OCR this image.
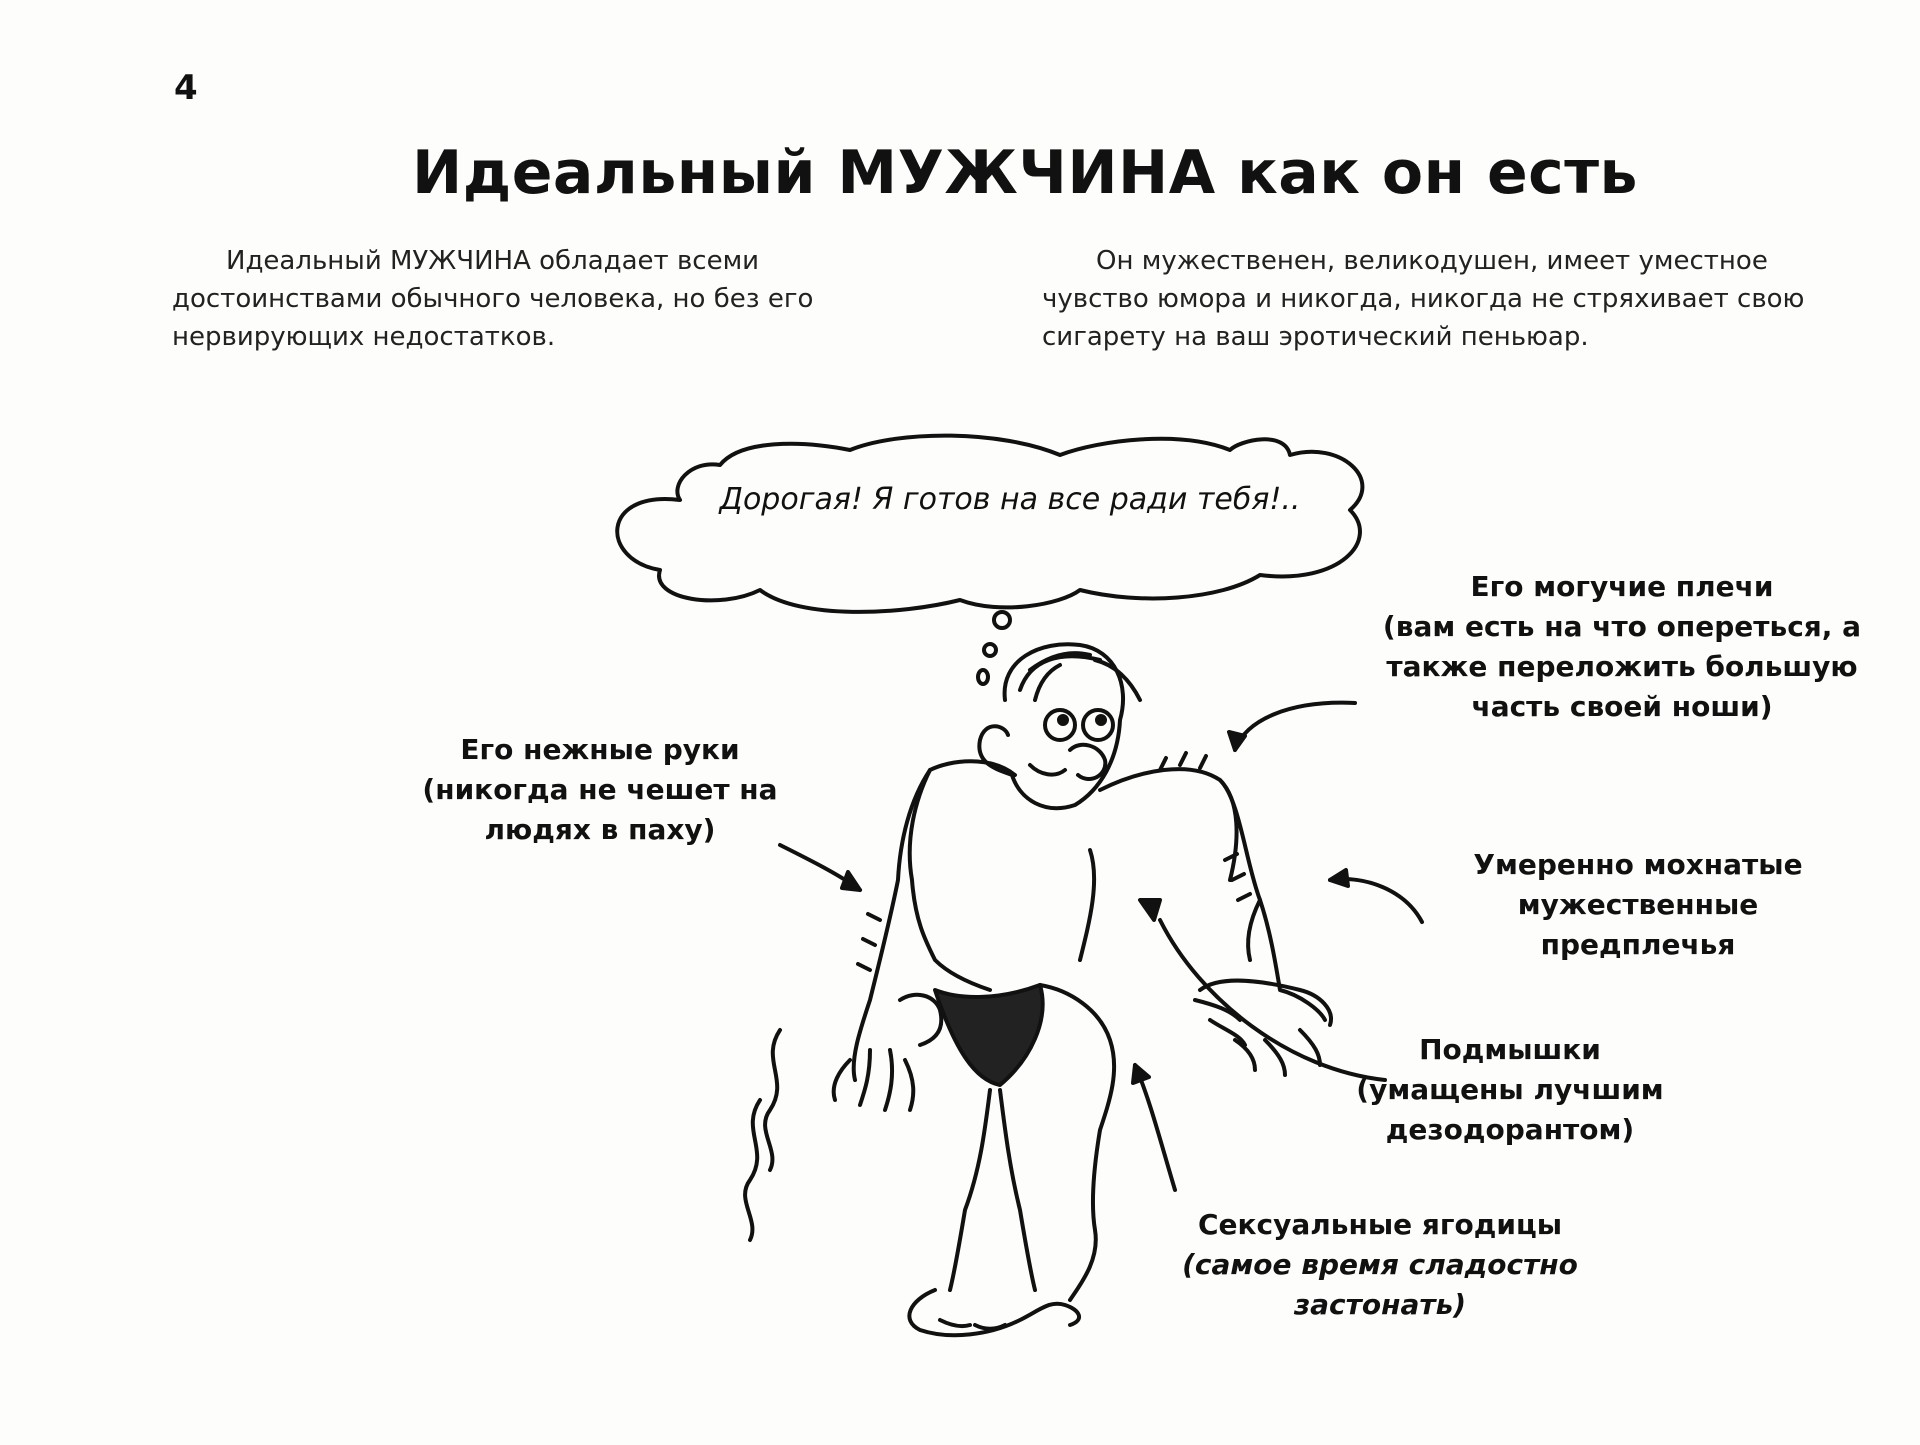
4
Идеальный МУЖЧИНА как он есть

Идеальный МУЖЧИНА обладает всеми достоинствами обычного человека, но без его нервирующих недостатков.

Он мужественен, великодушен, имеет уместное чувство юмора и никогда, никогда не стряхивает свою сигарету на ваш эротический пеньюар.

Дорогая! Я готов на все ради тебя!..
Его нежные руки
(никогда не чешет на людях в паху)
Его могучие плечи
(вам есть на что опереться, а также переложить большую часть своей ноши)
Умеренно мохнатые мужественные предплечья
Подмышки
(умащены лучшим дезодорантом)
Сексуальные ягодицы
(самое время сладостно застонать)
